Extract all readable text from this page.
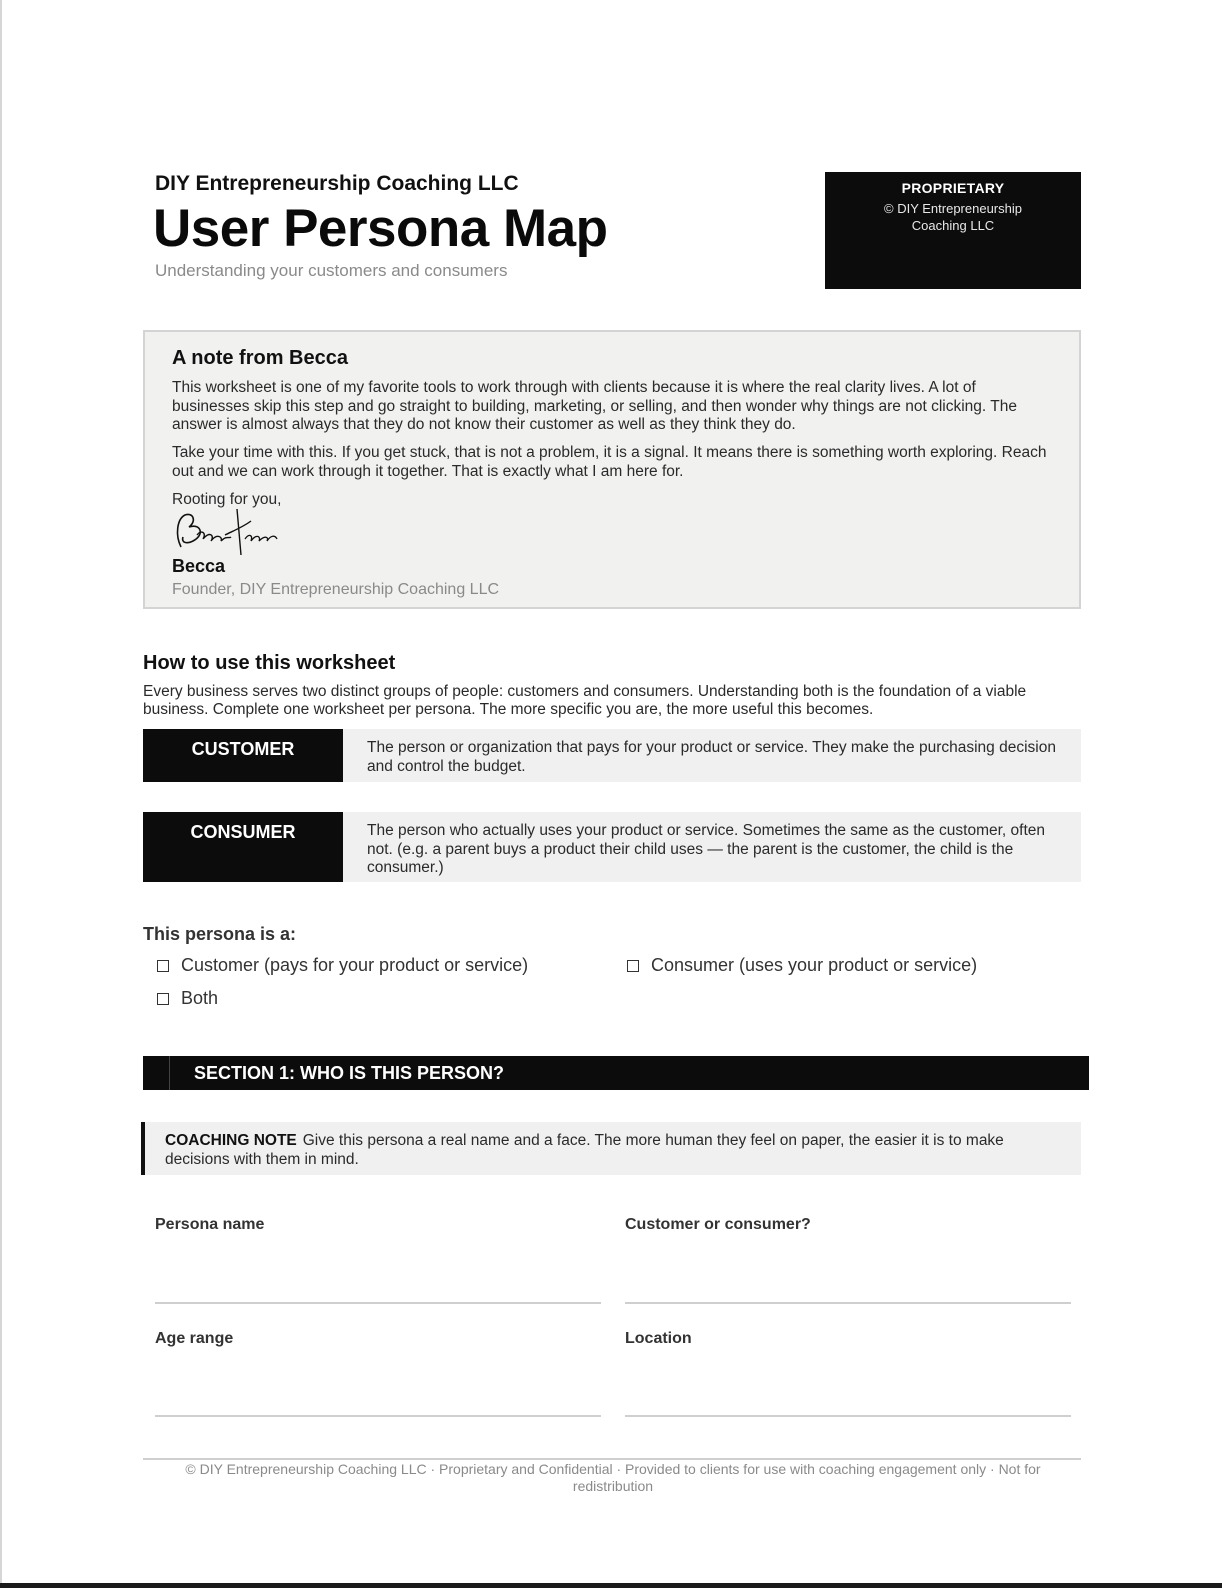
DIY Entrepreneurship Coaching LLC
User Persona Map
Understanding your customers and consumers
PROPRIETARY
© DIY Entrepreneurship Coaching LLC
A note from Becca

This worksheet is one of my favorite tools to work through with clients because it is where the real clarity lives. A lot of businesses skip this step and go straight to building, marketing, or selling, and then wonder why things are not clicking. The answer is almost always that they do not know their customer as well as they think they do.

Take your time with this. If you get stuck, that is not a problem, it is a signal. It means there is something worth exploring. Reach out and we can work through it together. That is exactly what I am here for.

Rooting for you,
Becca
Founder, DIY Entrepreneurship Coaching LLC
How to use this worksheet

Every business serves two distinct groups of people: customers and consumers. Understanding both is the foundation of a viable business. Complete one worksheet per persona. The more specific you are, the more useful this becomes.

CUSTOMER	The person or organization that pays for your product or service. They make the purchasing decision and control the budget.

CONSUMER	The person who actually uses your product or service. Sometimes the same as the customer, often not. (e.g. a parent buys a product their child uses — the parent is the customer, the child is the consumer.)

This persona is a:
Customer (pays for your product or service)	Consumer (uses your product or service)
Both
SECTION 1: WHO IS THIS PERSON?

COACHING NOTE Give this persona a real name and a face. The more human they feel on paper, the easier it is to make decisions with them in mind.

Persona name	Customer or consumer?
Age range	Location

© DIY Entrepreneurship Coaching LLC · Proprietary and Confidential · Provided to clients for use with coaching engagement only · Not for redistribution
